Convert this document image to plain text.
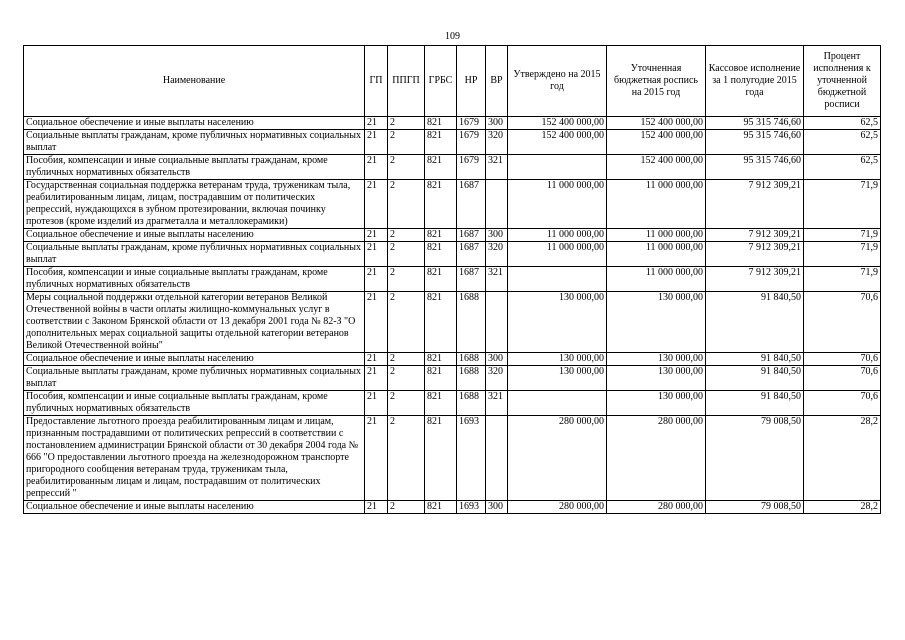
109
Наименование	ГП	ППГП	ГРБС	НР	ВР	Утверждено на 2015 год	Уточненная бюджетная роспись на 2015 год	Кассовое исполнение за 1 полугодие 2015 года	Процент исполнения к уточненной бюджетной росписи
Социальное обеспечение и иные выплаты населению	21	2	821	1679	300	152 400 000,00	152 400 000,00	95 315 746,60	62,5
Социальные выплаты гражданам, кроме публичных нормативных социальных выплат	21	2	821	1679	320	152 400 000,00	152 400 000,00	95 315 746,60	62,5
Пособия, компенсации и иные социальные выплаты гражданам, кроме публичных нормативных обязательств	21	2	821	1679	321		152 400 000,00	95 315 746,60	62,5
Государственная социальная поддержка ветеранам труда, труженикам тыла, реабилитированным лицам, лицам, пострадавшим от политических репрессий, нуждающихся в зубном протезировании, включая починку протезов (кроме изделий из драгметалла и металлокерамики)	21	2	821	1687		11 000 000,00	11 000 000,00	7 912 309,21	71,9
Социальное обеспечение и иные выплаты населению	21	2	821	1687	300	11 000 000,00	11 000 000,00	7 912 309,21	71,9
Социальные выплаты гражданам, кроме публичных нормативных социальных выплат	21	2	821	1687	320	11 000 000,00	11 000 000,00	7 912 309,21	71,9
Пособия, компенсации и иные социальные выплаты гражданам, кроме публичных нормативных обязательств	21	2	821	1687	321		11 000 000,00	7 912 309,21	71,9
Меры социальной поддержки отдельной категории ветеранов Великой Отечественной войны в части оплаты жилищно-коммунальных услуг в соответствии с Законом Брянской области от 13 декабря 2001 года № 82-З "О дополнительных мерах социальной защиты отдельной категории ветеранов Великой Отечественной войны"	21	2	821	1688		130 000,00	130 000,00	91 840,50	70,6
Социальное обеспечение и иные выплаты населению	21	2	821	1688	300	130 000,00	130 000,00	91 840,50	70,6
Социальные выплаты гражданам, кроме публичных нормативных социальных выплат	21	2	821	1688	320	130 000,00	130 000,00	91 840,50	70,6
Пособия, компенсации и иные социальные выплаты гражданам, кроме публичных нормативных обязательств	21	2	821	1688	321		130 000,00	91 840,50	70,6
Предоставление льготного проезда реабилитированным лицам и лицам, признанным пострадавшими от политических репрессий в соответствии с постановлением администрации Брянской области от 30 декабря 2004 года № 666 "О предоставлении льготного проезда на железнодорожном транспорте пригородного сообщения ветеранам труда, труженикам тыла, реабилитированным лицам и лицам, пострадавшим от политических репрессий "	21	2	821	1693		280 000,00	280 000,00	79 008,50	28,2
Социальное обеспечение и иные выплаты населению	21	2	821	1693	300	280 000,00	280 000,00	79 008,50	28,2
